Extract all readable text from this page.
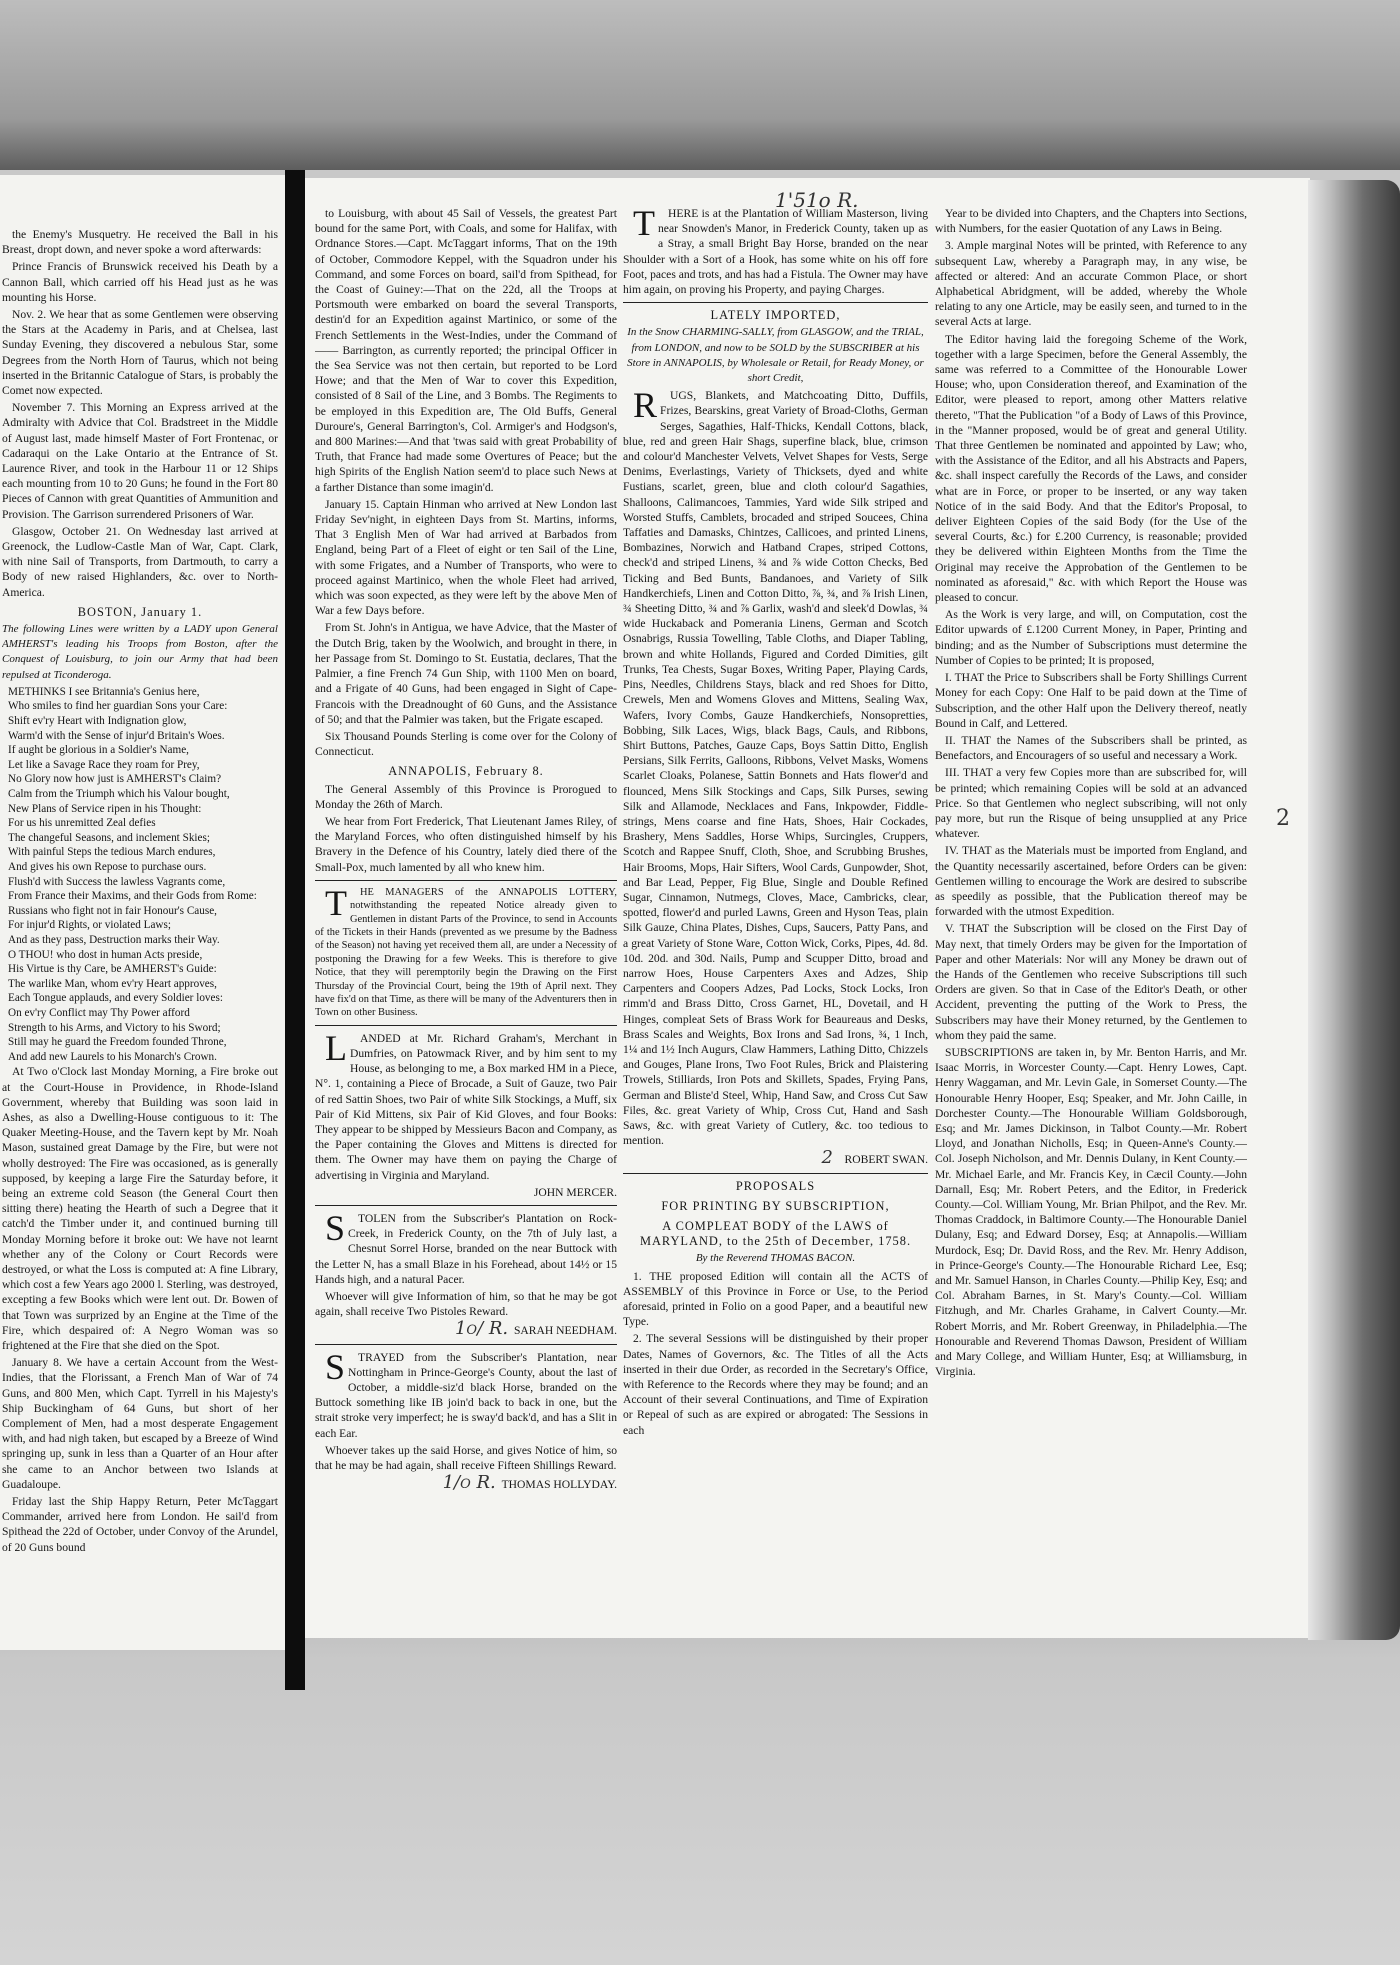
the Enemy's Musquetry. He received the Ball in his Breast, dropt down, and never spoke a word afterwards:

Prince Francis of Brunswick received his Death by a Cannon Ball, which carried off his Head just as he was mounting his Horse.

Nov. 2. We hear that as some Gentlemen were observing the Stars at the Academy in Paris, and at Chelsea, last Sunday Evening, they discovered a nebulous Star, some Degrees from the North Horn of Taurus, which not being inserted in the Britannic Catalogue of Stars, is probably the Comet now expected.

November 7. This Morning an Express arrived at the Admiralty with Advice that Col. Bradstreet in the Middle of August last, made himself Master of Fort Frontenac, or Cadaraqui on the Lake Ontario at the Entrance of St. Laurence River, and took in the Harbour 11 or 12 Ships each mounting from 10 to 20 Guns; he found in the Fort 80 Pieces of Cannon with great Quantities of Ammunition and Provision. The Garrison surrendered Prisoners of War.

Glasgow, October 21. On Wednesday last arrived at Greenock, the Ludlow-Castle Man of War, Capt. Clark, with nine Sail of Transports, from Dartmouth, to carry a Body of new raised Highlanders, &c. over to North-America.

BOSTON, January 1.

The following Lines were written by a LADY upon General AMHERST's leading his Troops from Boston, after the Conquest of Louisburg, to join our Army that had been repulsed at Ticonderoga.

METHINKS I see Britannia's Genius here,

Who smiles to find her guardian Sons your Care:

Shift ev'ry Heart with Indignation glow,

Warm'd with the Sense of injur'd Britain's Woes.

If aught be glorious in a Soldier's Name,

Let like a Savage Race they roam for Prey,

No Glory now how just is AMHERST's Claim?

Calm from the Triumph which his Valour bought,

New Plans of Service ripen in his Thought:

For us his unremitted Zeal defies

The changeful Seasons, and inclement Skies;

With painful Steps the tedious March endures,

And gives his own Repose to purchase ours.

Flush'd with Success the lawless Vagrants come,

From France their Maxims, and their Gods from Rome:

Russians who fight not in fair Honour's Cause,

For injur'd Rights, or violated Laws;

And as they pass, Destruction marks their Way.

O THOU! who dost in human Acts preside,

His Virtue is thy Care, be AMHERST's Guide:

The warlike Man, whom ev'ry Heart approves,

Each Tongue applauds, and every Soldier loves:

On ev'ry Conflict may Thy Power afford

Strength to his Arms, and Victory to his Sword;

Still may he guard the Freedom founded Throne,

And add new Laurels to his Monarch's Crown.

At Two o'Clock last Monday Morning, a Fire broke out at the Court-House in Providence, in Rhode-Island Government, whereby that Building was soon laid in Ashes, as also a Dwelling-House contiguous to it: The Quaker Meeting-House, and the Tavern kept by Mr. Noah Mason, sustained great Damage by the Fire, but were not wholly destroyed: The Fire was occasioned, as is generally supposed, by keeping a large Fire the Saturday before, it being an extreme cold Season (the General Court then sitting there) heating the Hearth of such a Degree that it catch'd the Timber under it, and continued burning till Monday Morning before it broke out: We have not learnt whether any of the Colony or Court Records were destroyed, or what the Loss is computed at: A fine Library, which cost a few Years ago 2000 l. Sterling, was destroyed, excepting a few Books which were lent out. Dr. Bowen of that Town was surprized by an Engine at the Time of the Fire, which despaired of: A Negro Woman was so frightened at the Fire that she died on the Spot.

January 8. We have a certain Account from the West-Indies, that the Florissant, a French Man of War of 74 Guns, and 800 Men, which Capt. Tyrrell in his Majesty's Ship Buckingham of 64 Guns, but short of her Complement of Men, had a most desperate Engagement with, and had nigh taken, but escaped by a Breeze of Wind springing up, sunk in less than a Quarter of an Hour after she came to an Anchor between two Islands at Guadaloupe.

Friday last the Ship Happy Return, Peter McTaggart Commander, arrived here from London. He sail'd from Spithead the 22d of October, under Convoy of the Arundel, of 20 Guns bound

1'51o R.

to Louisburg, with about 45 Sail of Vessels, the greatest Part bound for the same Port, with Coals, and some for Halifax, with Ordnance Stores.—Capt. McTaggart informs, That on the 19th of October, Commodore Keppel, with the Squadron under his Command, and some Forces on board, sail'd from Spithead, for the Coast of Guiney:—That on the 22d, all the Troops at Portsmouth were embarked on board the several Transports, destin'd for an Expedition against Martinico, or some of the French Settlements in the West-Indies, under the Command of —— Barrington, as currently reported; the principal Officer in the Sea Service was not then certain, but reported to be Lord Howe; and that the Men of War to cover this Expedition, consisted of 8 Sail of the Line, and 3 Bombs. The Regiments to be employed in this Expedition are, The Old Buffs, General Duroure's, General Barrington's, Col. Armiger's and Hodgson's, and 800 Marines:—And that 'twas said with great Probability of Truth, that France had made some Overtures of Peace; but the high Spirits of the English Nation seem'd to place such News at a farther Distance than some imagin'd.

January 15. Captain Hinman who arrived at New London last Friday Sev'night, in eighteen Days from St. Martins, informs, That 3 English Men of War had arrived at Barbados from England, being Part of a Fleet of eight or ten Sail of the Line, with some Frigates, and a Number of Transports, who were to proceed against Martinico, when the whole Fleet had arrived, which was soon expected, as they were left by the above Men of War a few Days before.

From St. John's in Antigua, we have Advice, that the Master of the Dutch Brig, taken by the Woolwich, and brought in there, in her Passage from St. Domingo to St. Eustatia, declares, That the Palmier, a fine French 74 Gun Ship, with 1100 Men on board, and a Frigate of 40 Guns, had been engaged in Sight of Cape-Francois with the Dreadnought of 60 Guns, and the Assistance of 50; and that the Palmier was taken, but the Frigate escaped.

Six Thousand Pounds Sterling is come over for the Colony of Connecticut.

ANNAPOLIS, February 8.

The General Assembly of this Province is Prorogued to Monday the 26th of March.

We hear from Fort Frederick, That Lieutenant James Riley, of the Maryland Forces, who often distinguished himself by his Bravery in the Defence of his Country, lately died there of the Small-Pox, much lamented by all who knew him.

THE MANAGERS of the ANNAPOLIS LOTTERY, notwithstanding the repeated Notice already given to Gentlemen in distant Parts of the Province, to send in Accounts of the Tickets in their Hands (prevented as we presume by the Badness of the Season) not having yet received them all, are under a Necessity of postponing the Drawing for a few Weeks. This is therefore to give Notice, that they will peremptorily begin the Drawing on the First Thursday of the Provincial Court, being the 19th of April next. They have fix'd on that Time, as there will be many of the Adventurers then in Town on other Business.

LANDED at Mr. Richard Graham's, Merchant in Dumfries, on Patowmack River, and by him sent to my House, as belonging to me, a Box marked HM in a Piece, N°. 1, containing a Piece of Brocade, a Suit of Gauze, two Pair of red Sattin Shoes, two Pair of white Silk Stockings, a Muff, six Pair of Kid Mittens, six Pair of Kid Gloves, and four Books: They appear to be shipped by Messieurs Bacon and Company, as the Paper containing the Gloves and Mittens is directed for them. The Owner may have them on paying the Charge of advertising in Virginia and Maryland.

JOHN MERCER.

STOLEN from the Subscriber's Plantation on Rock-Creek, in Frederick County, on the 7th of July last, a Chesnut Sorrel Horse, branded on the near Buttock with the Letter N, has a small Blaze in his Forehead, about 14½ or 15 Hands high, and a natural Pacer.

Whoever will give Information of him, so that he may be got again, shall receive Two Pistoles Reward.

1o/ R. SARAH NEEDHAM.

STRAYED from the Subscriber's Plantation, near Nottingham in Prince-George's County, about the last of October, a middle-siz'd black Horse, branded on the Buttock something like IB join'd back to back in one, but the strait stroke very imperfect; he is sway'd back'd, and has a Slit in each Ear.

Whoever takes up the said Horse, and gives Notice of him, so that he may be had again, shall receive Fifteen Shillings Reward.

1/o R. THOMAS HOLLYDAY.

THERE is at the Plantation of William Masterson, living near Snowden's Manor, in Frederick County, taken up as a Stray, a small Bright Bay Horse, branded on the near Shoulder with a Sort of a Hook, has some white on his off fore Foot, paces and trots, and has had a Fistula. The Owner may have him again, on proving his Property, and paying Charges.

LATELY IMPORTED,

In the Snow CHARMING-SALLY, from GLASGOW, and the TRIAL, from LONDON, and now to be SOLD by the SUBSCRIBER at his Store in ANNAPOLIS, by Wholesale or Retail, for Ready Money, or short Credit,

RUGS, Blankets, and Matchcoating Ditto, Duffils, Frizes, Bearskins, great Variety of Broad-Cloths, German Serges, Sagathies, Half-Thicks, Kendall Cottons, black, blue, red and green Hair Shags, superfine black, blue, crimson and colour'd Manchester Velvets, Velvet Shapes for Vests, Serge Denims, Everlastings, Variety of Thicksets, dyed and white Fustians, scarlet, green, blue and cloth colour'd Sagathies, Shalloons, Calimancoes, Tammies, Yard wide Silk striped and Worsted Stuffs, Camblets, brocaded and striped Soucees, China Taffaties and Damasks, Chintzes, Callicoes, and printed Linens, Bombazines, Norwich and Hatband Crapes, striped Cottons, check'd and striped Linens, ¾ and ⅞ wide Cotton Checks, Bed Ticking and Bed Bunts, Bandanoes, and Variety of Silk Handkerchiefs, Linen and Cotton Ditto, ⅞, ¾, and ⅞ Irish Linen, ¾ Sheeting Ditto, ¾ and ⅞ Garlix, wash'd and sleek'd Dowlas, ¾ wide Huckaback and Pomerania Linens, German and Scotch Osnabrigs, Russia Towelling, Table Cloths, and Diaper Tabling, brown and white Hollands, Figured and Corded Dimities, gilt Trunks, Tea Chests, Sugar Boxes, Writing Paper, Playing Cards, Pins, Needles, Childrens Stays, black and red Shoes for Ditto, Crewels, Men and Womens Gloves and Mittens, Sealing Wax, Wafers, Ivory Combs, Gauze Handkerchiefs, Nonsopretties, Bobbing, Silk Laces, Wigs, black Bags, Cauls, and Ribbons, Shirt Buttons, Patches, Gauze Caps, Boys Sattin Ditto, English Persians, Silk Ferrits, Galloons, Ribbons, Velvet Masks, Womens Scarlet Cloaks, Polanese, Sattin Bonnets and Hats flower'd and flounced, Mens Silk Stockings and Caps, Silk Purses, sewing Silk and Allamode, Necklaces and Fans, Inkpowder, Fiddle-strings, Mens coarse and fine Hats, Shoes, Hair Cockades, Brashery, Mens Saddles, Horse Whips, Surcingles, Cruppers, Scotch and Rappee Snuff, Cloth, Shoe, and Scrubbing Brushes, Hair Brooms, Mops, Hair Sifters, Wool Cards, Gunpowder, Shot, and Bar Lead, Pepper, Fig Blue, Single and Double Refined Sugar, Cinnamon, Nutmegs, Cloves, Mace, Cambricks, clear, spotted, flower'd and purled Lawns, Green and Hyson Teas, plain Silk Gauze, China Plates, Dishes, Cups, Saucers, Patty Pans, and a great Variety of Stone Ware, Cotton Wick, Corks, Pipes, 4d. 8d. 10d. 20d. and 30d. Nails, Pump and Scupper Ditto, broad and narrow Hoes, House Carpenters Axes and Adzes, Ship Carpenters and Coopers Adzes, Pad Locks, Stock Locks, Iron rimm'd and Brass Ditto, Cross Garnet, HL, Dovetail, and H Hinges, compleat Sets of Brass Work for Beaureaus and Desks, Brass Scales and Weights, Box Irons and Sad Irons, ¾, 1 Inch, 1¼ and 1½ Inch Augurs, Claw Hammers, Lathing Ditto, Chizzels and Gouges, Plane Irons, Two Foot Rules, Brick and Plaistering Trowels, Stilliards, Iron Pots and Skillets, Spades, Frying Pans, German and Bliste'd Steel, Whip, Hand Saw, and Cross Cut Saw Files, &c. great Variety of Whip, Cross Cut, Hand and Sash Saws, &c. with great Variety of Cutlery, &c. too tedious to mention.

2 ROBERT SWAN.

PROPOSALS

FOR PRINTING BY SUBSCRIPTION,

A COMPLEAT BODY of the LAWS of MARYLAND, to the 25th of December, 1758.

By the Reverend THOMAS BACON.

1. THE proposed Edition will contain all the ACTS of ASSEMBLY of this Province in Force or Use, to the Period aforesaid, printed in Folio on a good Paper, and a beautiful new Type.

2. The several Sessions will be distinguished by their proper Dates, Names of Governors, &c. The Titles of all the Acts inserted in their due Order, as recorded in the Secretary's Office, with Reference to the Records where they may be found; and an Account of their several Continuations, and Time of Expiration or Repeal of such as are expired or abrogated: The Sessions in each

Year to be divided into Chapters, and the Chapters into Sections, with Numbers, for the easier Quotation of any Laws in Being.

3. Ample marginal Notes will be printed, with Reference to any subsequent Law, whereby a Paragraph may, in any wise, be affected or altered: And an accurate Common Place, or short Alphabetical Abridgment, will be added, whereby the Whole relating to any one Article, may be easily seen, and turned to in the several Acts at large.

The Editor having laid the foregoing Scheme of the Work, together with a large Specimen, before the General Assembly, the same was referred to a Committee of the Honourable Lower House; who, upon Consideration thereof, and Examination of the Editor, were pleased to report, among other Matters relative thereto, "That the Publication "of a Body of Laws of this Province, in the "Manner proposed, would be of great and general Utility. That three Gentlemen be nominated and appointed by Law; who, with the Assistance of the Editor, and all his Abstracts and Papers, &c. shall inspect carefully the Records of the Laws, and consider what are in Force, or proper to be inserted, or any way taken Notice of in the said Body. And that the Editor's Proposal, to deliver Eighteen Copies of the said Body (for the Use of the several Courts, &c.) for £.200 Currency, is reasonable; provided they be delivered within Eighteen Months from the Time the Original may receive the Approbation of the Gentlemen to be nominated as aforesaid," &c. with which Report the House was pleased to concur.

As the Work is very large, and will, on Computation, cost the Editor upwards of £.1200 Current Money, in Paper, Printing and binding; and as the Number of Subscriptions must determine the Number of Copies to be printed; It is proposed,

I. THAT the Price to Subscribers shall be Forty Shillings Current Money for each Copy: One Half to be paid down at the Time of Subscription, and the other Half upon the Delivery thereof, neatly Bound in Calf, and Lettered.

II. THAT the Names of the Subscribers shall be printed, as Benefactors, and Encouragers of so useful and necessary a Work.

III. THAT a very few Copies more than are subscribed for, will be printed; which remaining Copies will be sold at an advanced Price. So that Gentlemen who neglect subscribing, will not only pay more, but run the Risque of being unsupplied at any Price whatever.

IV. THAT as the Materials must be imported from England, and the Quantity necessarily ascertained, before Orders can be given: Gentlemen willing to encourage the Work are desired to subscribe as speedily as possible, that the Publication thereof may be forwarded with the utmost Expedition.

V. THAT the Subscription will be closed on the First Day of May next, that timely Orders may be given for the Importation of Paper and other Materials: Nor will any Money be drawn out of the Hands of the Gentlemen who receive Subscriptions till such Orders are given. So that in Case of the Editor's Death, or other Accident, preventing the putting of the Work to Press, the Subscribers may have their Money returned, by the Gentlemen to whom they paid the same.

SUBSCRIPTIONS are taken in, by Mr. Benton Harris, and Mr. Isaac Morris, in Worcester County.—Capt. Henry Lowes, Capt. Henry Waggaman, and Mr. Levin Gale, in Somerset County.—The Honourable Henry Hooper, Esq; Speaker, and Mr. John Caille, in Dorchester County.—The Honourable William Goldsborough, Esq; and Mr. James Dickinson, in Talbot County.—Mr. Robert Lloyd, and Jonathan Nicholls, Esq; in Queen-Anne's County.—Col. Joseph Nicholson, and Mr. Dennis Dulany, in Kent County.—Mr. Michael Earle, and Mr. Francis Key, in Cæcil County.—John Darnall, Esq; Mr. Robert Peters, and the Editor, in Frederick County.—Col. William Young, Mr. Brian Philpot, and the Rev. Mr. Thomas Craddock, in Baltimore County.—The Honourable Daniel Dulany, Esq; and Edward Dorsey, Esq; at Annapolis.—William Murdock, Esq; Dr. David Ross, and the Rev. Mr. Henry Addison, in Prince-George's County.—The Honourable Richard Lee, Esq; and Mr. Samuel Hanson, in Charles County.—Philip Key, Esq; and Col. Abraham Barnes, in St. Mary's County.—Col. William Fitzhugh, and Mr. Charles Grahame, in Calvert County.—Mr. Robert Morris, and Mr. Robert Greenway, in Philadelphia.—The Honourable and Reverend Thomas Dawson, President of William and Mary College, and William Hunter, Esq; at Williamsburg, in Virginia.

2
